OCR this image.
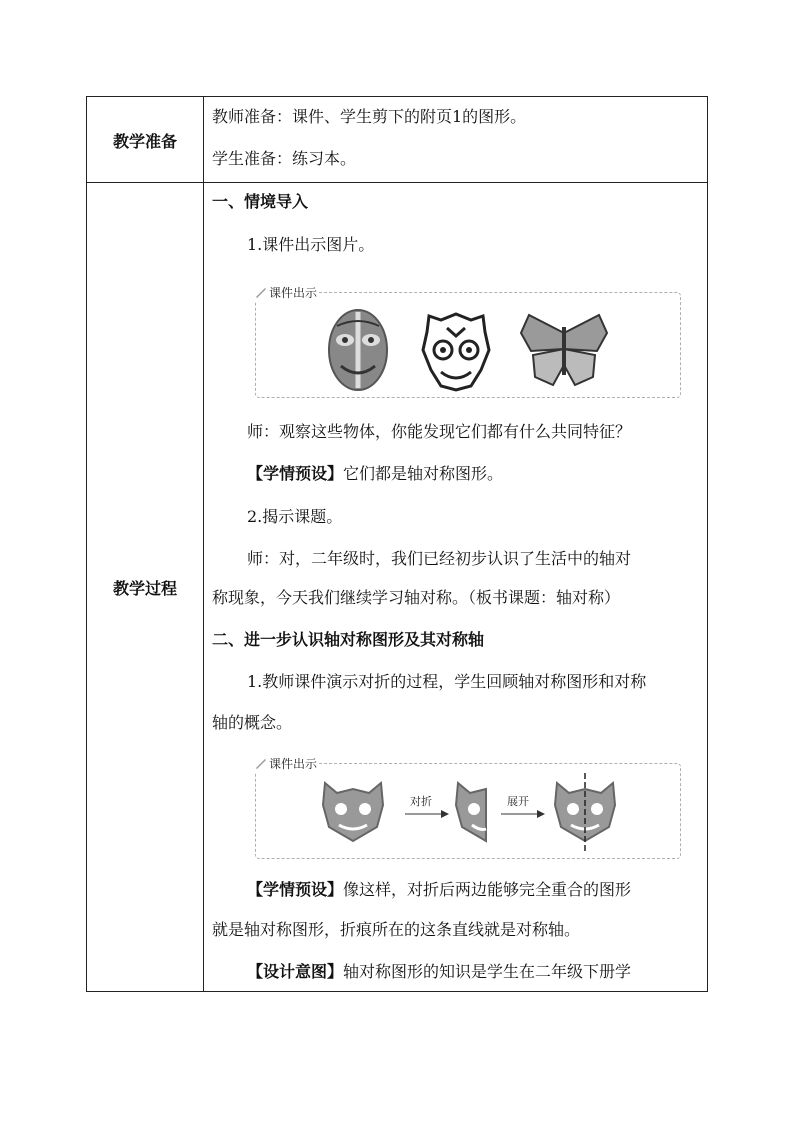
教学准备
教师准备：课件、学生剪下的附页1的图形。
学生准备：练习本。
教学过程
一、情境导入
1.课件出示图片。
课件出示
师：观察这些物体，你能发现它们都有什么共同特征？
【学情预设】它们都是轴对称图形。
2.揭示课题。
师：对，二年级时，我们已经初步认识了生活中的轴对
称现象，今天我们继续学习轴对称。（板书课题：轴对称）
二、进一步认识轴对称图形及其对称轴
1.教师课件演示对折的过程，学生回顾轴对称图形和对称
轴的概念。
课件出示
对折	展开
【学情预设】像这样，对折后两边能够完全重合的图形
就是轴对称图形，折痕所在的这条直线就是对称轴。
【设计意图】轴对称图形的知识是学生在二年级下册学
